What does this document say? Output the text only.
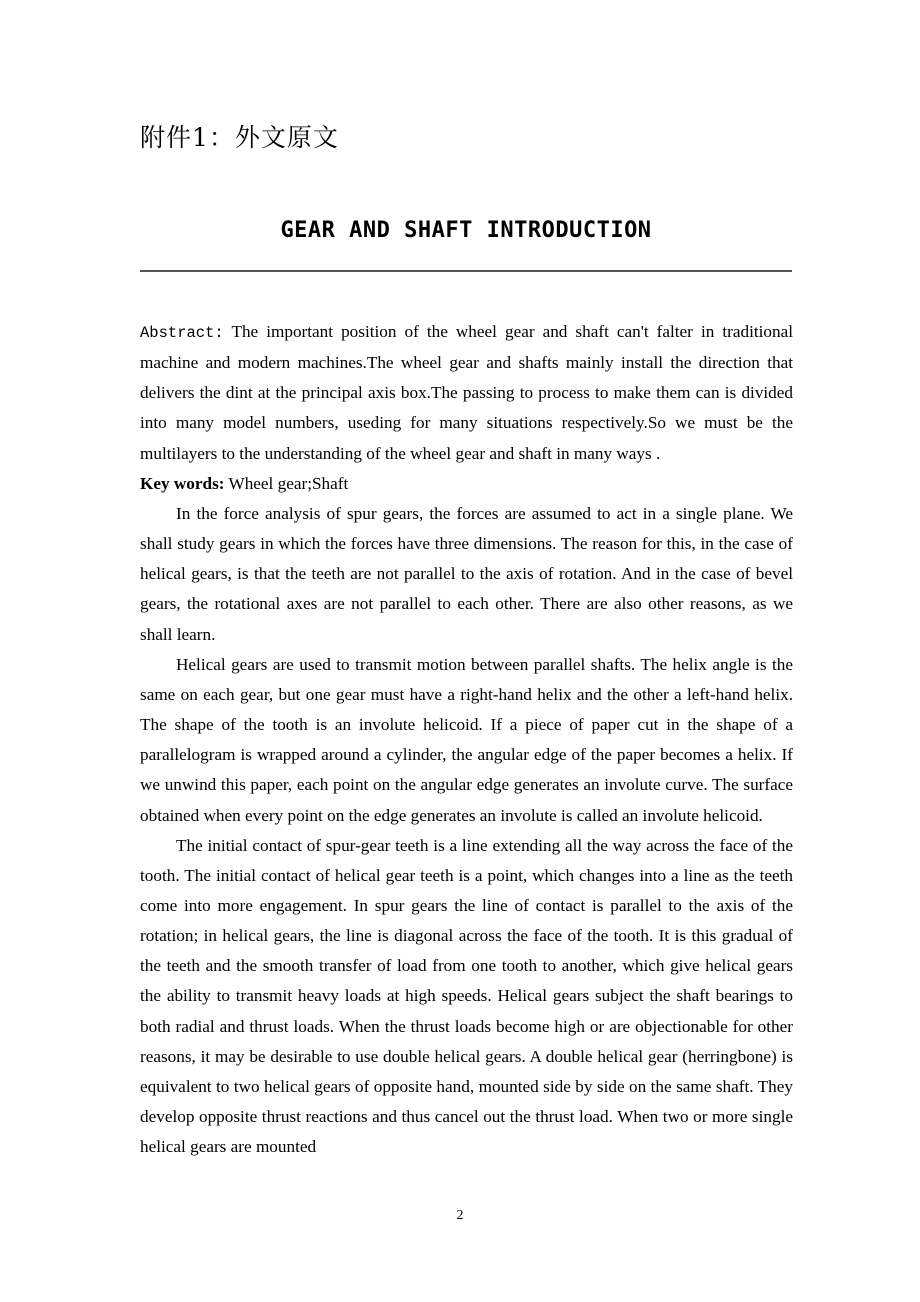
附件1：外文原文
GEAR AND SHAFT INTRODUCTION

Abstract: The important position of the wheel gear and shaft can't falter in traditional machine and modern machines.The wheel gear and shafts mainly install the direction that delivers the dint at the principal axis box.The passing to process to make them can is divided into many model numbers, useding for many situations respectively.So we must be the multilayers to the understanding of the wheel gear and shaft in many ways .

Key words: Wheel gear;Shaft

In the force analysis of spur gears, the forces are assumed to act in a single plane. We shall study gears in which the forces have three dimensions. The reason for this, in the case of helical gears, is that the teeth are not parallel to the axis of rotation. And in the case of bevel gears, the rotational axes are not parallel to each other. There are also other reasons, as we shall learn.

Helical gears are used to transmit motion between parallel shafts. The helix angle is the same on each gear, but one gear must have a right-hand helix and the other a left-hand helix. The shape of the tooth is an involute helicoid. If a piece of paper cut in the shape of a parallelogram is wrapped around a cylinder, the angular edge of the paper becomes a helix. If we unwind this paper, each point on the angular edge generates an involute curve. The surface obtained when every point on the edge generates an involute is called an involute helicoid.

The initial contact of spur-gear teeth is a line extending all the way across the face of the tooth. The initial contact of helical gear teeth is a point, which changes into a line as the teeth come into more engagement. In spur gears the line of contact is parallel to the axis of the rotation; in helical gears, the line is diagonal across the face of the tooth. It is this gradual of the teeth and the smooth transfer of load from one tooth to another, which give helical gears the ability to transmit heavy loads at high speeds. Helical gears subject the shaft bearings to both radial and thrust loads. When the thrust loads become high or are objectionable for other reasons, it may be desirable to use double helical gears. A double helical gear (herringbone) is equivalent to two helical gears of opposite hand, mounted side by side on the same shaft. They develop opposite thrust reactions and thus cancel out the thrust load. When two or more single helical gears are mounted

2
